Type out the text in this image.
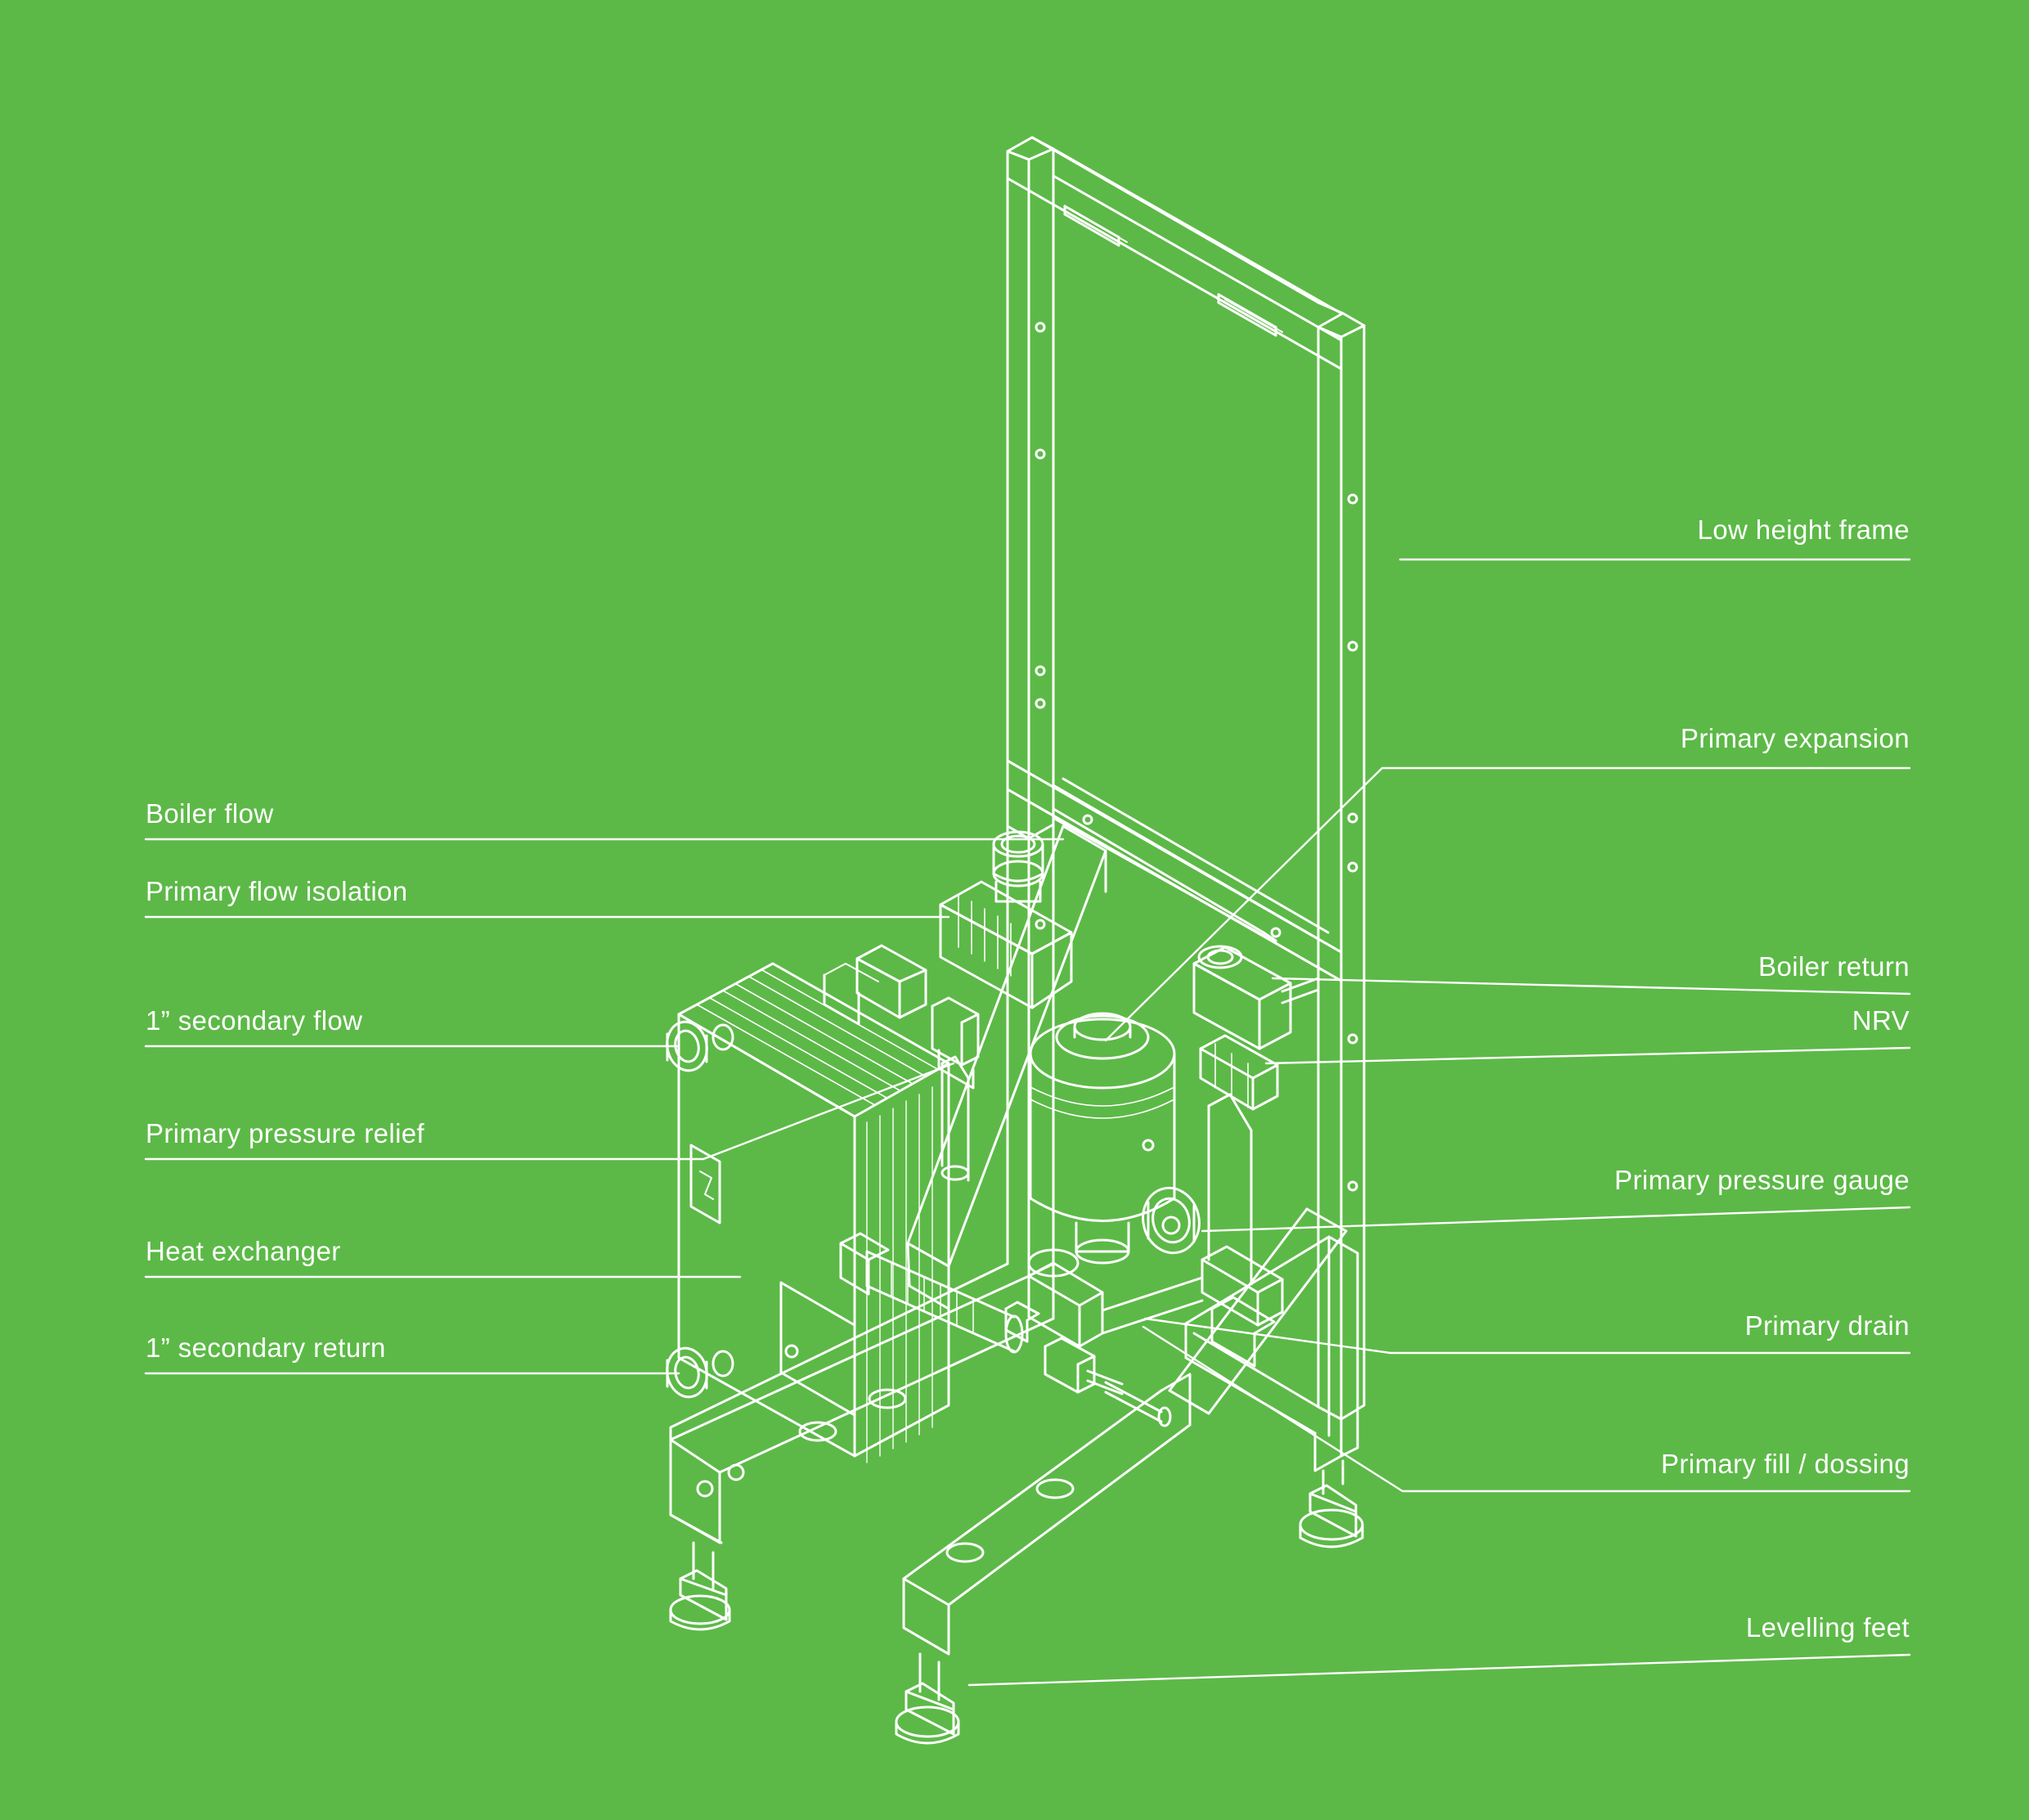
Boiler flow
Primary flow isolation
1” secondary flow
Primary pressure relief
Heat exchanger
1” secondary return
Low height frame
Primary expansion
Boiler return
NRV
Primary pressure gauge
Primary drain
Primary fill / dossing
Levelling feet
